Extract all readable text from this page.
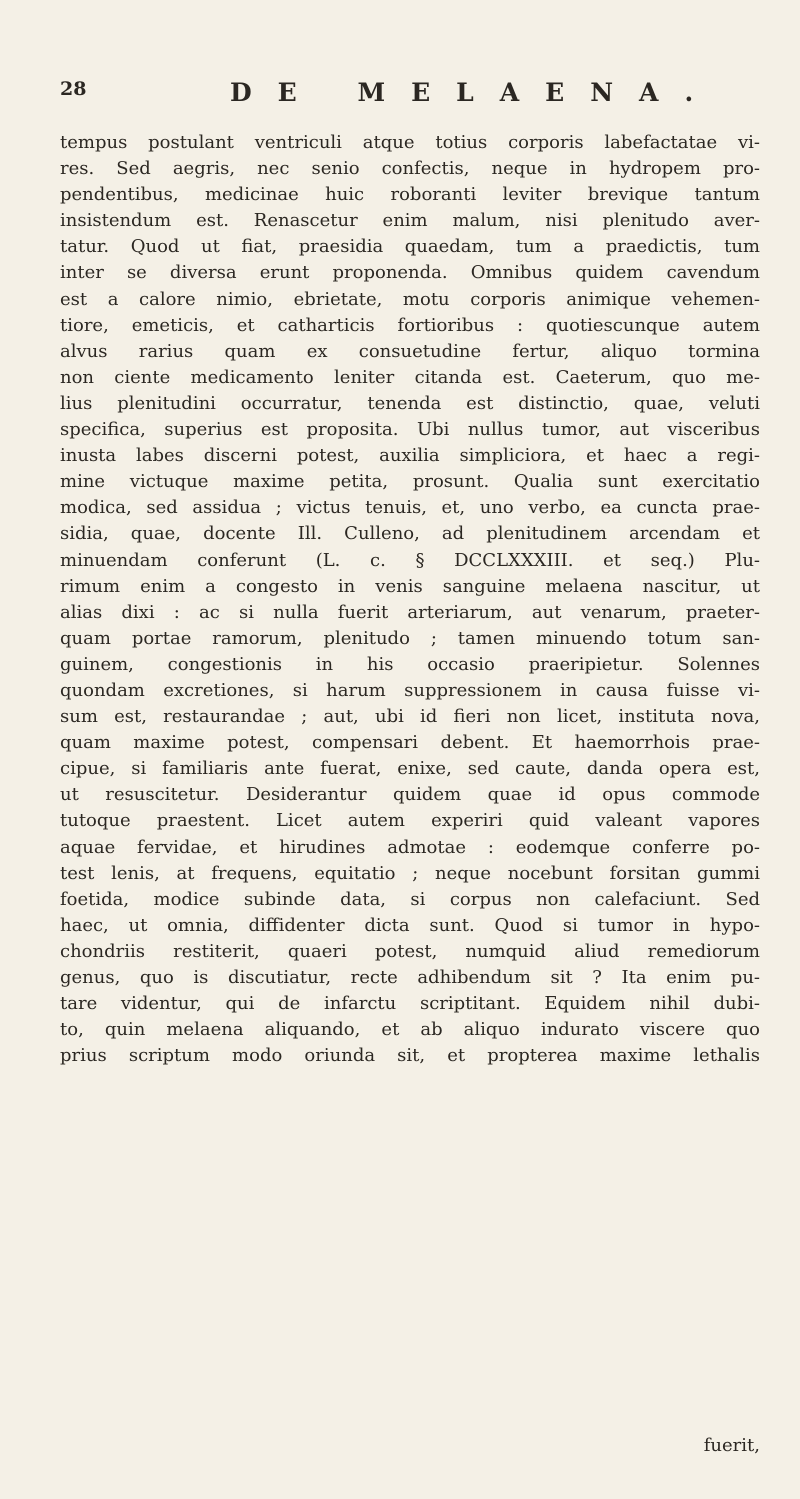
28	DE MELAENA.
tempus postulant ventriculi atque totius corporis labefactatae vi-
res. Sed aegris, nec senio confectis, neque in hydropem pro-
pendentibus, medicinae huic roboranti leviter brevique tantum
insistendum est. Renascetur enim malum, nisi plenitudo aver-
tatur. Quod ut fiat, praesidia quaedam, tum a praedictis, tum
inter se diversa erunt proponenda. Omnibus quidem cavendum
est a calore nimio, ebrietate, motu corporis animique vehemen-
tiore, emeticis, et catharticis fortioribus : quotiescunque autem
alvus rarius quam ex consuetudine fertur, aliquo tormina
non ciente medicamento leniter citanda est. Caeterum, quo me-
lius plenitudini occurratur, tenenda est distinctio, quae, veluti
specifica, superius est proposita. Ubi nullus tumor, aut visceribus
inusta labes discerni potest, auxilia simpliciora, et haec a regi-
mine victuque maxime petita, prosunt. Qualia sunt exercitatio
modica, sed assidua ; victus tenuis, et, uno verbo, ea cuncta prae-
sidia, quae, docente Ill. Culleno, ad plenitudinem arcendam et
minuendam conferunt (L. c. § DCCLXXXIII. et seq.) Plu-
rimum enim a congesto in venis sanguine melaena nascitur, ut
alias dixi : ac si nulla fuerit arteriarum, aut venarum, praeter-
quam portae ramorum, plenitudo ; tamen minuendo totum san-
guinem, congestionis in his occasio praeripietur. Solennes
quondam excretiones, si harum suppressionem in causa fuisse vi-
sum est, restaurandae ; aut, ubi id fieri non licet, instituta nova,
quam maxime potest, compensari debent. Et haemorrhois prae-
cipue, si familiaris ante fuerat, enixe, sed caute, danda opera est,
ut resuscitetur. Desiderantur quidem quae id opus commode
tutoque praestent. Licet autem experiri quid valeant vapores
aquae fervidae, et hirudines admotae : eodemque conferre po-
test lenis, at frequens, equitatio ; neque nocebunt forsitan gummi
foetida, modice subinde data, si corpus non calefaciunt. Sed
haec, ut omnia, diffidenter dicta sunt. Quod si tumor in hypo-
chondriis restiterit, quaeri potest, numquid aliud remediorum
genus, quo is discutiatur, recte adhibendum sit ? Ita enim pu-
tare videntur, qui de infarctu scriptitant. Equidem nihil dubi-
to, quin melaena aliquando, et ab aliquo indurato viscere quo
prius scriptum modo oriunda sit, et propterea maxime lethalis
fuerit,
